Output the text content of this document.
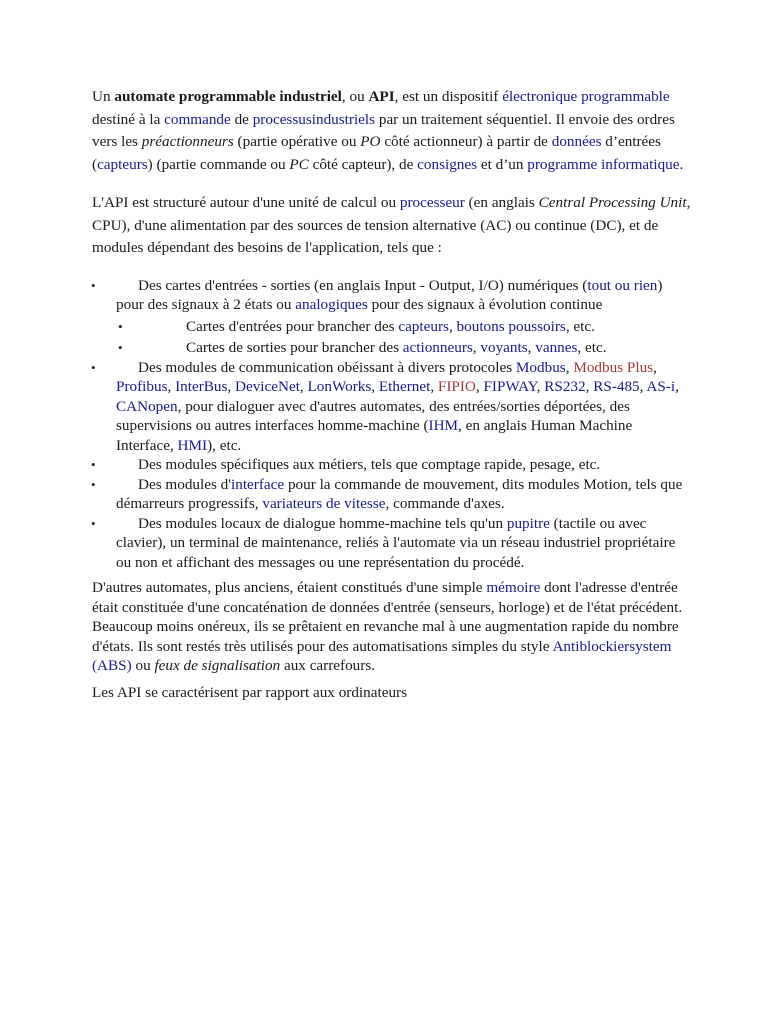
Un automate programmable industriel, ou API, est un dispositif électronique programmable destiné à la commande de processusindustriels par un traitement séquentiel. Il envoie des ordres vers les préactionneurs (partie opérative ou PO côté actionneur) à partir de données d’entrées (capteurs) (partie commande ou PC côté capteur), de consignes et d’un programme informatique.

L'API est structuré autour d'une unité de calcul ou processeur (en anglais Central Processing Unit, CPU), d'une alimentation par des sources de tension alternative (AC) ou continue (DC), et de modules dépendant des besoins de l'application, tels que :

•	Des cartes d'entrées - sorties (en anglais Input - Output, I/O) numériques (tout ou rien) pour des signaux à 2 états ou analogiques pour des signaux à évolution continue
•	Cartes d'entrées pour brancher des capteurs, boutons poussoirs, etc.
•	Cartes de sorties pour brancher des actionneurs, voyants, vannes, etc.
•	Des modules de communication obéissant à divers protocoles Modbus, Modbus Plus, Profibus, InterBus, DeviceNet, LonWorks, Ethernet, FIPIO, FIPWAY, RS232, RS-485, AS-i, CANopen, pour dialoguer avec d'autres automates, des entrées/sorties déportées, des supervisions ou autres interfaces homme-machine (IHM, en anglais Human Machine Interface, HMI), etc.
•	Des modules spécifiques aux métiers, tels que comptage rapide, pesage, etc.
•	Des modules d'interface pour la commande de mouvement, dits modules Motion, tels que démarreurs progressifs, variateurs de vitesse, commande d'axes.
•	Des modules locaux de dialogue homme-machine tels qu'un pupitre (tactile ou avec clavier), un terminal de maintenance, reliés à l'automate via un réseau industriel propriétaire ou non et affichant des messages ou une représentation du procédé.

D'autres automates, plus anciens, étaient constitués d'une simple mémoire dont l'adresse d'entrée était constituée d'une concaténation de données d'entrée (senseurs, horloge) et de l'état précédent. Beaucoup moins onéreux, ils se prêtaient en revanche mal à une augmentation rapide du nombre d'états. Ils sont restés très utilisés pour des automatisations simples du style Antiblockiersystem (ABS) ou feux de signalisation aux carrefours.

Les API se caractérisent par rapport aux ordinateurs
